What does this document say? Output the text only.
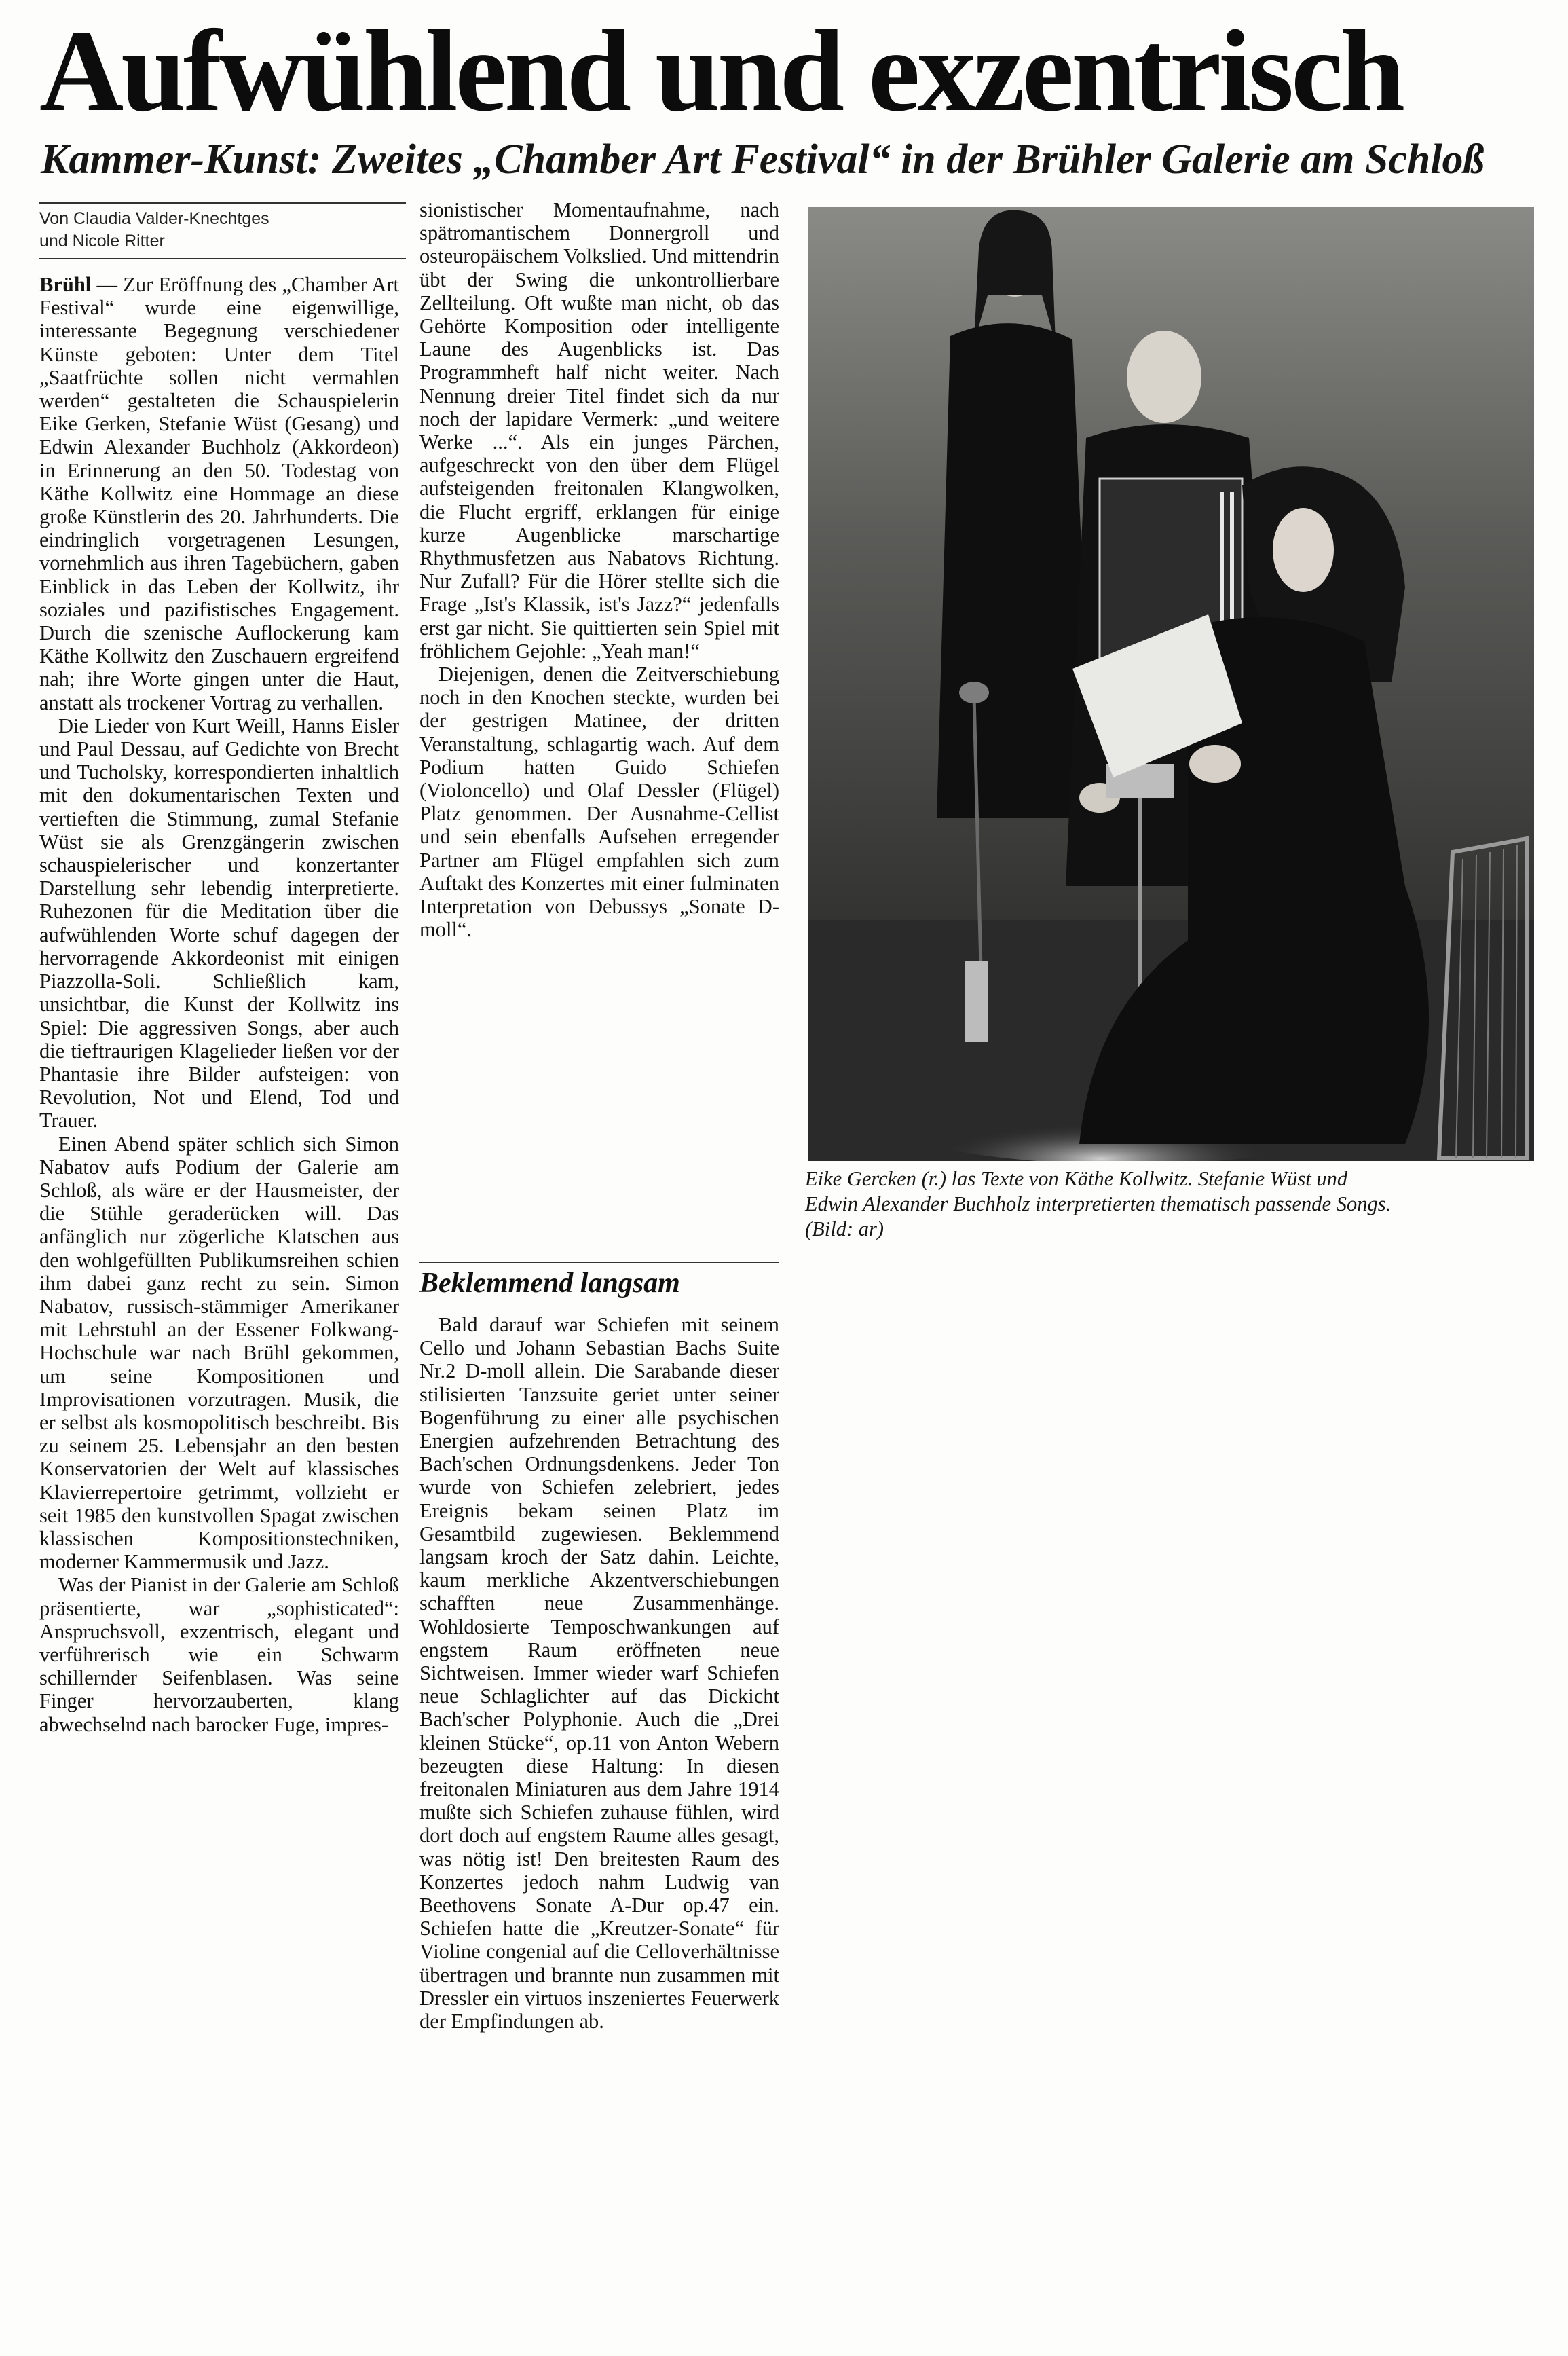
Aufwühlend und exzentrisch
Kammer-Kunst: Zweites „Chamber Art Festival“ in der Brühler Galerie am Schloß
Von Claudia Valder-Knechtges
und Nicole Ritter

Brühl — Zur Eröffnung des „Chamber Art Festival“ wurde eine eigenwillige, interessante Begegnung verschiedener Künste geboten: Unter dem Titel „Saatfrüchte sollen nicht vermahlen werden“ gestalteten die Schauspielerin Eike Gerken, Stefanie Wüst (Gesang) und Edwin Alexander Buchholz (Akkordeon) in Erinnerung an den 50. Todestag von Käthe Kollwitz eine Hommage an diese große Künstlerin des 20. Jahrhunderts. Die eindringlich vorgetragenen Lesungen, vornehmlich aus ihren Tagebüchern, gaben Einblick in das Leben der Kollwitz, ihr soziales und pazifistisches Engagement. Durch die szenische Auflockerung kam Käthe Kollwitz den Zuschauern ergreifend nah; ihre Worte gingen unter die Haut, anstatt als trockener Vortrag zu verhallen.

Die Lieder von Kurt Weill, Hanns Eisler und Paul Dessau, auf Gedichte von Brecht und Tucholsky, korrespondierten inhaltlich mit den dokumentarischen Texten und vertieften die Stimmung, zumal Stefanie Wüst sie als Grenzgängerin zwischen schauspielerischer und konzertanter Darstellung sehr lebendig interpretierte. Ruhezonen für die Meditation über die aufwühlenden Worte schuf dagegen der hervorragende Akkordeonist mit einigen Piazzolla-Soli. Schließlich kam, unsichtbar, die Kunst der Kollwitz ins Spiel: Die aggressiven Songs, aber auch die tieftraurigen Klagelieder ließen vor der Phantasie ihre Bilder aufsteigen: von Revolution, Not und Elend, Tod und Trauer.

Einen Abend später schlich sich Simon Nabatov aufs Podium der Galerie am Schloß, als wäre er der Hausmeister, der die Stühle geraderücken will. Das anfänglich nur zögerliche Klatschen aus den wohlgefüllten Publikumsreihen schien ihm dabei ganz recht zu sein. Simon Nabatov, russisch-stämmiger Amerikaner mit Lehrstuhl an der Essener Folkwang-Hochschule war nach Brühl gekommen, um seine Kompositionen und Improvisationen vorzutragen. Musik, die er selbst als kosmopolitisch beschreibt. Bis zu seinem 25. Lebensjahr an den besten Konservatorien der Welt auf klassisches Klavierrepertoire getrimmt, vollzieht er seit 1985 den kunstvollen Spagat zwischen klassischen Kompositionstechniken, moderner Kammermusik und Jazz.

Was der Pianist in der Galerie am Schloß präsentierte, war „sophisticated“: Anspruchsvoll, exzentrisch, elegant und verführerisch wie ein Schwarm schillernder Seifenblasen. Was seine Finger hervorzauberten, klang abwechselnd nach barocker Fuge, impres-

sionistischer Momentaufnahme, nach spätromantischem Donnergroll und osteuropäischem Volkslied. Und mittendrin übt der Swing die unkontrollierbare Zellteilung. Oft wußte man nicht, ob das Gehörte Komposition oder intelligente Laune des Augenblicks ist. Das Programmheft half nicht weiter. Nach Nennung dreier Titel findet sich da nur noch der lapidare Vermerk: „und weitere Werke ...“. Als ein junges Pärchen, aufgeschreckt von den über dem Flügel aufsteigenden freitonalen Klangwolken, die Flucht ergriff, erklangen für einige kurze Augenblicke marschartige Rhythmusfetzen aus Nabatovs Richtung. Nur Zufall? Für die Hörer stellte sich die Frage „Ist's Klassik, ist's Jazz?“ jedenfalls erst gar nicht. Sie quittierten sein Spiel mit fröhlichem Gejohle: „Yeah man!“

Diejenigen, denen die Zeitverschiebung noch in den Knochen steckte, wurden bei der gestrigen Matinee, der dritten Veranstaltung, schlagartig wach. Auf dem Podium hatten Guido Schiefen (Violoncello) und Olaf Dessler (Flügel) Platz genommen. Der Ausnahme-Cellist und sein ebenfalls Aufsehen erregender Partner am Flügel empfahlen sich zum Auftakt des Konzertes mit einer fulminaten Interpretation von Debussys „Sonate D-moll“.

Beklemmend langsam

Bald darauf war Schiefen mit seinem Cello und Johann Sebastian Bachs Suite Nr.2 D-moll allein. Die Sarabande dieser stilisierten Tanzsuite geriet unter seiner Bogenführung zu einer alle psychischen Energien aufzehrenden Betrachtung des Bach'schen Ordnungsdenkens. Jeder Ton wurde von Schiefen zelebriert, jedes Ereignis bekam seinen Platz im Gesamtbild zugewiesen. Beklemmend langsam kroch der Satz dahin. Leichte, kaum merkliche Akzentverschiebungen schafften neue Zusammenhänge. Wohldosierte Temposchwankungen auf engstem Raum eröffneten neue Sichtweisen. Immer wieder warf Schiefen neue Schlaglichter auf das Dickicht Bach'scher Polyphonie. Auch die „Drei kleinen Stücke“, op.11 von Anton Webern bezeugten diese Haltung: In diesen freitonalen Miniaturen aus dem Jahre 1914 mußte sich Schiefen zuhause fühlen, wird dort doch auf engstem Raume alles gesagt, was nötig ist! Den breitesten Raum des Konzertes jedoch nahm Ludwig van Beethovens Sonate A-Dur op.47 ein. Schiefen hatte die „Kreutzer-Sonate“ für Violine congenial auf die Celloverhältnisse übertragen und brannte nun zusammen mit Dressler ein virtuos inszeniertes Feuerwerk der Empfindungen ab.

Eike Gercken (r.) las Texte von Käthe Kollwitz. Stefanie Wüst und
Edwin Alexander Buchholz interpretierten thematisch passende Songs.
(Bild: ar)
